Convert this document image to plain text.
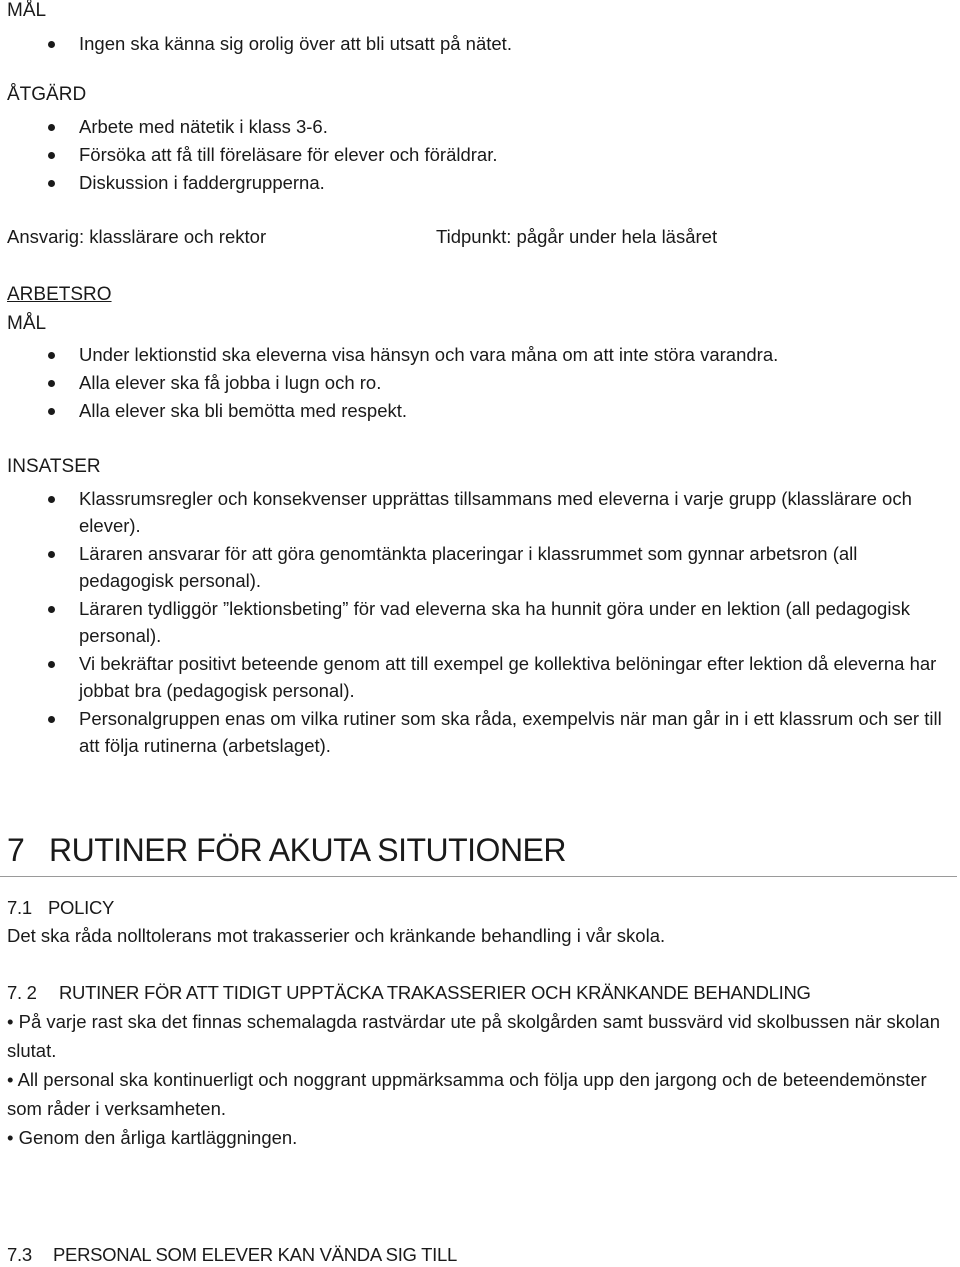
MÅL
Ingen ska känna sig orolig över att bli utsatt på nätet.
ÅTGÄRD
Arbete med nätetik i klass 3-6.
Försöka att få till föreläsare för elever och föräldrar.
Diskussion i faddergrupperna.
Ansvarig: klasslärare och rektor	Tidpunkt: pågår under hela läsåret
ARBETSRO
MÅL
Under lektionstid ska eleverna visa hänsyn och vara måna om att inte störa varandra.
Alla elever ska få jobba i lugn och ro.
Alla elever ska bli bemötta med respekt.
INSATSER
Klassrumsregler och konsekvenser upprättas tillsammans med eleverna i varje grupp (klasslärare och elever).
Läraren ansvarar för att göra genomtänkta placeringar i klassrummet som gynnar arbetsron (all pedagogisk personal).
Läraren tydliggör ”lektionsbeting” för vad eleverna ska ha hunnit göra under en lektion (all pedagogisk personal).
Vi bekräftar positivt beteende genom att till exempel ge kollektiva belöningar efter lektion då eleverna har jobbat bra (pedagogisk personal).
Personalgruppen enas om vilka rutiner som ska råda, exempelvis när man går in i ett klassrum och ser till att följa rutinerna (arbetslaget).
7 RUTINER FÖR AKUTA SITUTIONER
7.1 POLICY
Det ska råda nolltolerans mot trakasserier och kränkande behandling i vår skola.
7. 2 RUTINER FÖR ATT TIDIGT UPPTÄCKA TRAKASSERIER OCH KRÄNKANDE BEHANDLING
• På varje rast ska det finnas schemalagda rastvärdar ute på skolgården samt bussvärd vid skolbussen när skolan slutat.
• All personal ska kontinuerligt och noggrant uppmärksamma och följa upp den jargong och de beteendemönster som råder i verksamheten.
• Genom den årliga kartläggningen.
7.3 PERSONAL SOM ELEVER KAN VÄNDA SIG TILL
